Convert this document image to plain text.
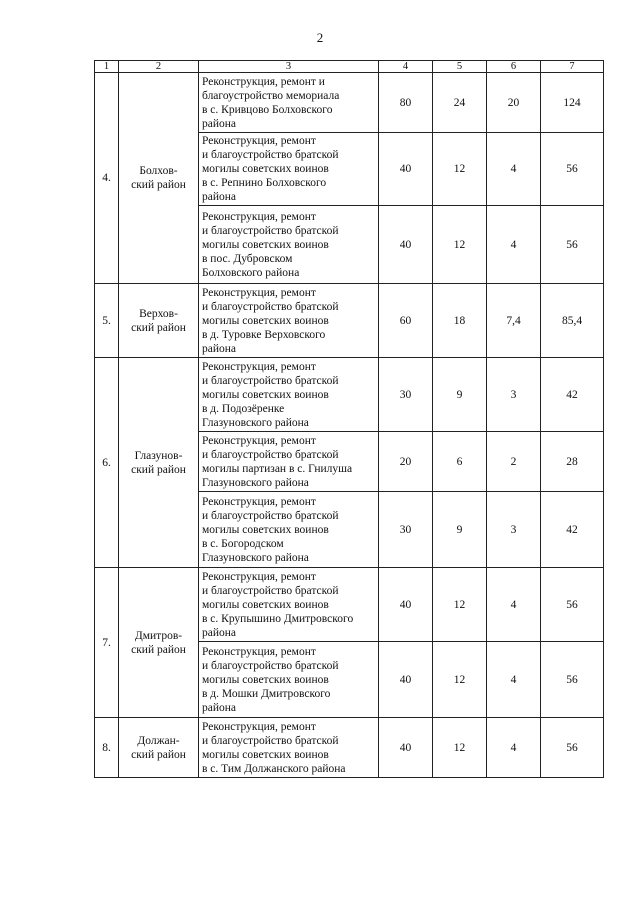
2
1	2	3	4	5	6	7
4.	Болхов-
ский район	Реконструкция, ремонт и
благоустройство мемориала
в с. Кривцово Болховского
района	80	24	20	124

		Реконструкция, ремонт
и благоустройство братской
могилы советских воинов
в с. Репнино Болховского
района	40	12	4	56

		Реконструкция, ремонт
и благоустройство братской
могилы советских воинов
в пос. Дубровском
Болховского района	40	12	4	56
5.	Верхов-
ский район	Реконструкция, ремонт
и благоустройство братской
могилы советских воинов
в д. Туровке Верховского
района	60	18	7,4	85,4
6.	Глазунов-
ский район	Реконструкция, ремонт
и благоустройство братской
могилы советских воинов
в д. Подозёренке
Глазуновского района	30	9	3	42

		Реконструкция, ремонт
и благоустройство братской
могилы партизан в с. Гнилуша
Глазуновского района	20	6	2	28

		Реконструкция, ремонт
и благоустройство братской
могилы советских воинов
в с. Богородском
Глазуновского района	30	9	3	42
7.	Дмитров-
ский район	Реконструкция, ремонт
и благоустройство братской
могилы советских воинов
в с. Крупышино Дмитровского
района	40	12	4	56

		Реконструкция, ремонт
и благоустройство братской
могилы советских воинов
в д. Мошки Дмитровского
района	40	12	4	56
8.	Должан-
ский район	Реконструкция, ремонт
и благоустройство братской
могилы советских воинов
в с. Тим Должанского района	40	12	4	56
